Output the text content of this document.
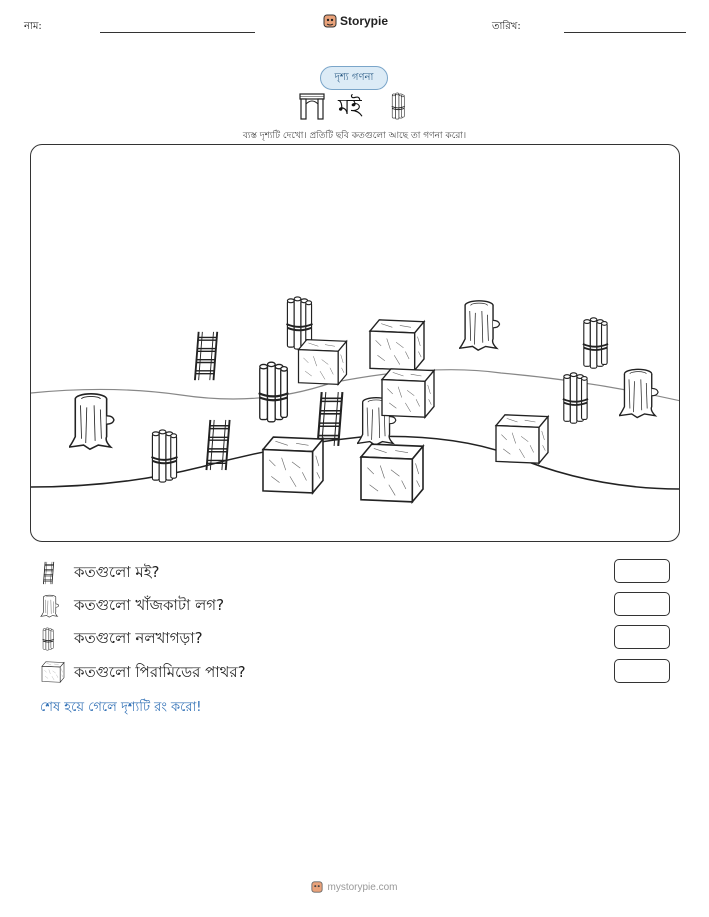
নাম:	Storypie	তারিখ:
দৃশ্য গণনা
মই
ব্যস্ত দৃশ্যটি দেখো। প্রতিটি ছবি কতগুলো আছে তা গণনা করো।
কতগুলো মই?
কতগুলো খাঁজকাটা লগ?
কতগুলো নলখাগড়া?
কতগুলো পিরামিডের পাথর?
শেষ হয়ে গেলে দৃশ্যটি রং করো!
mystorypie.com
